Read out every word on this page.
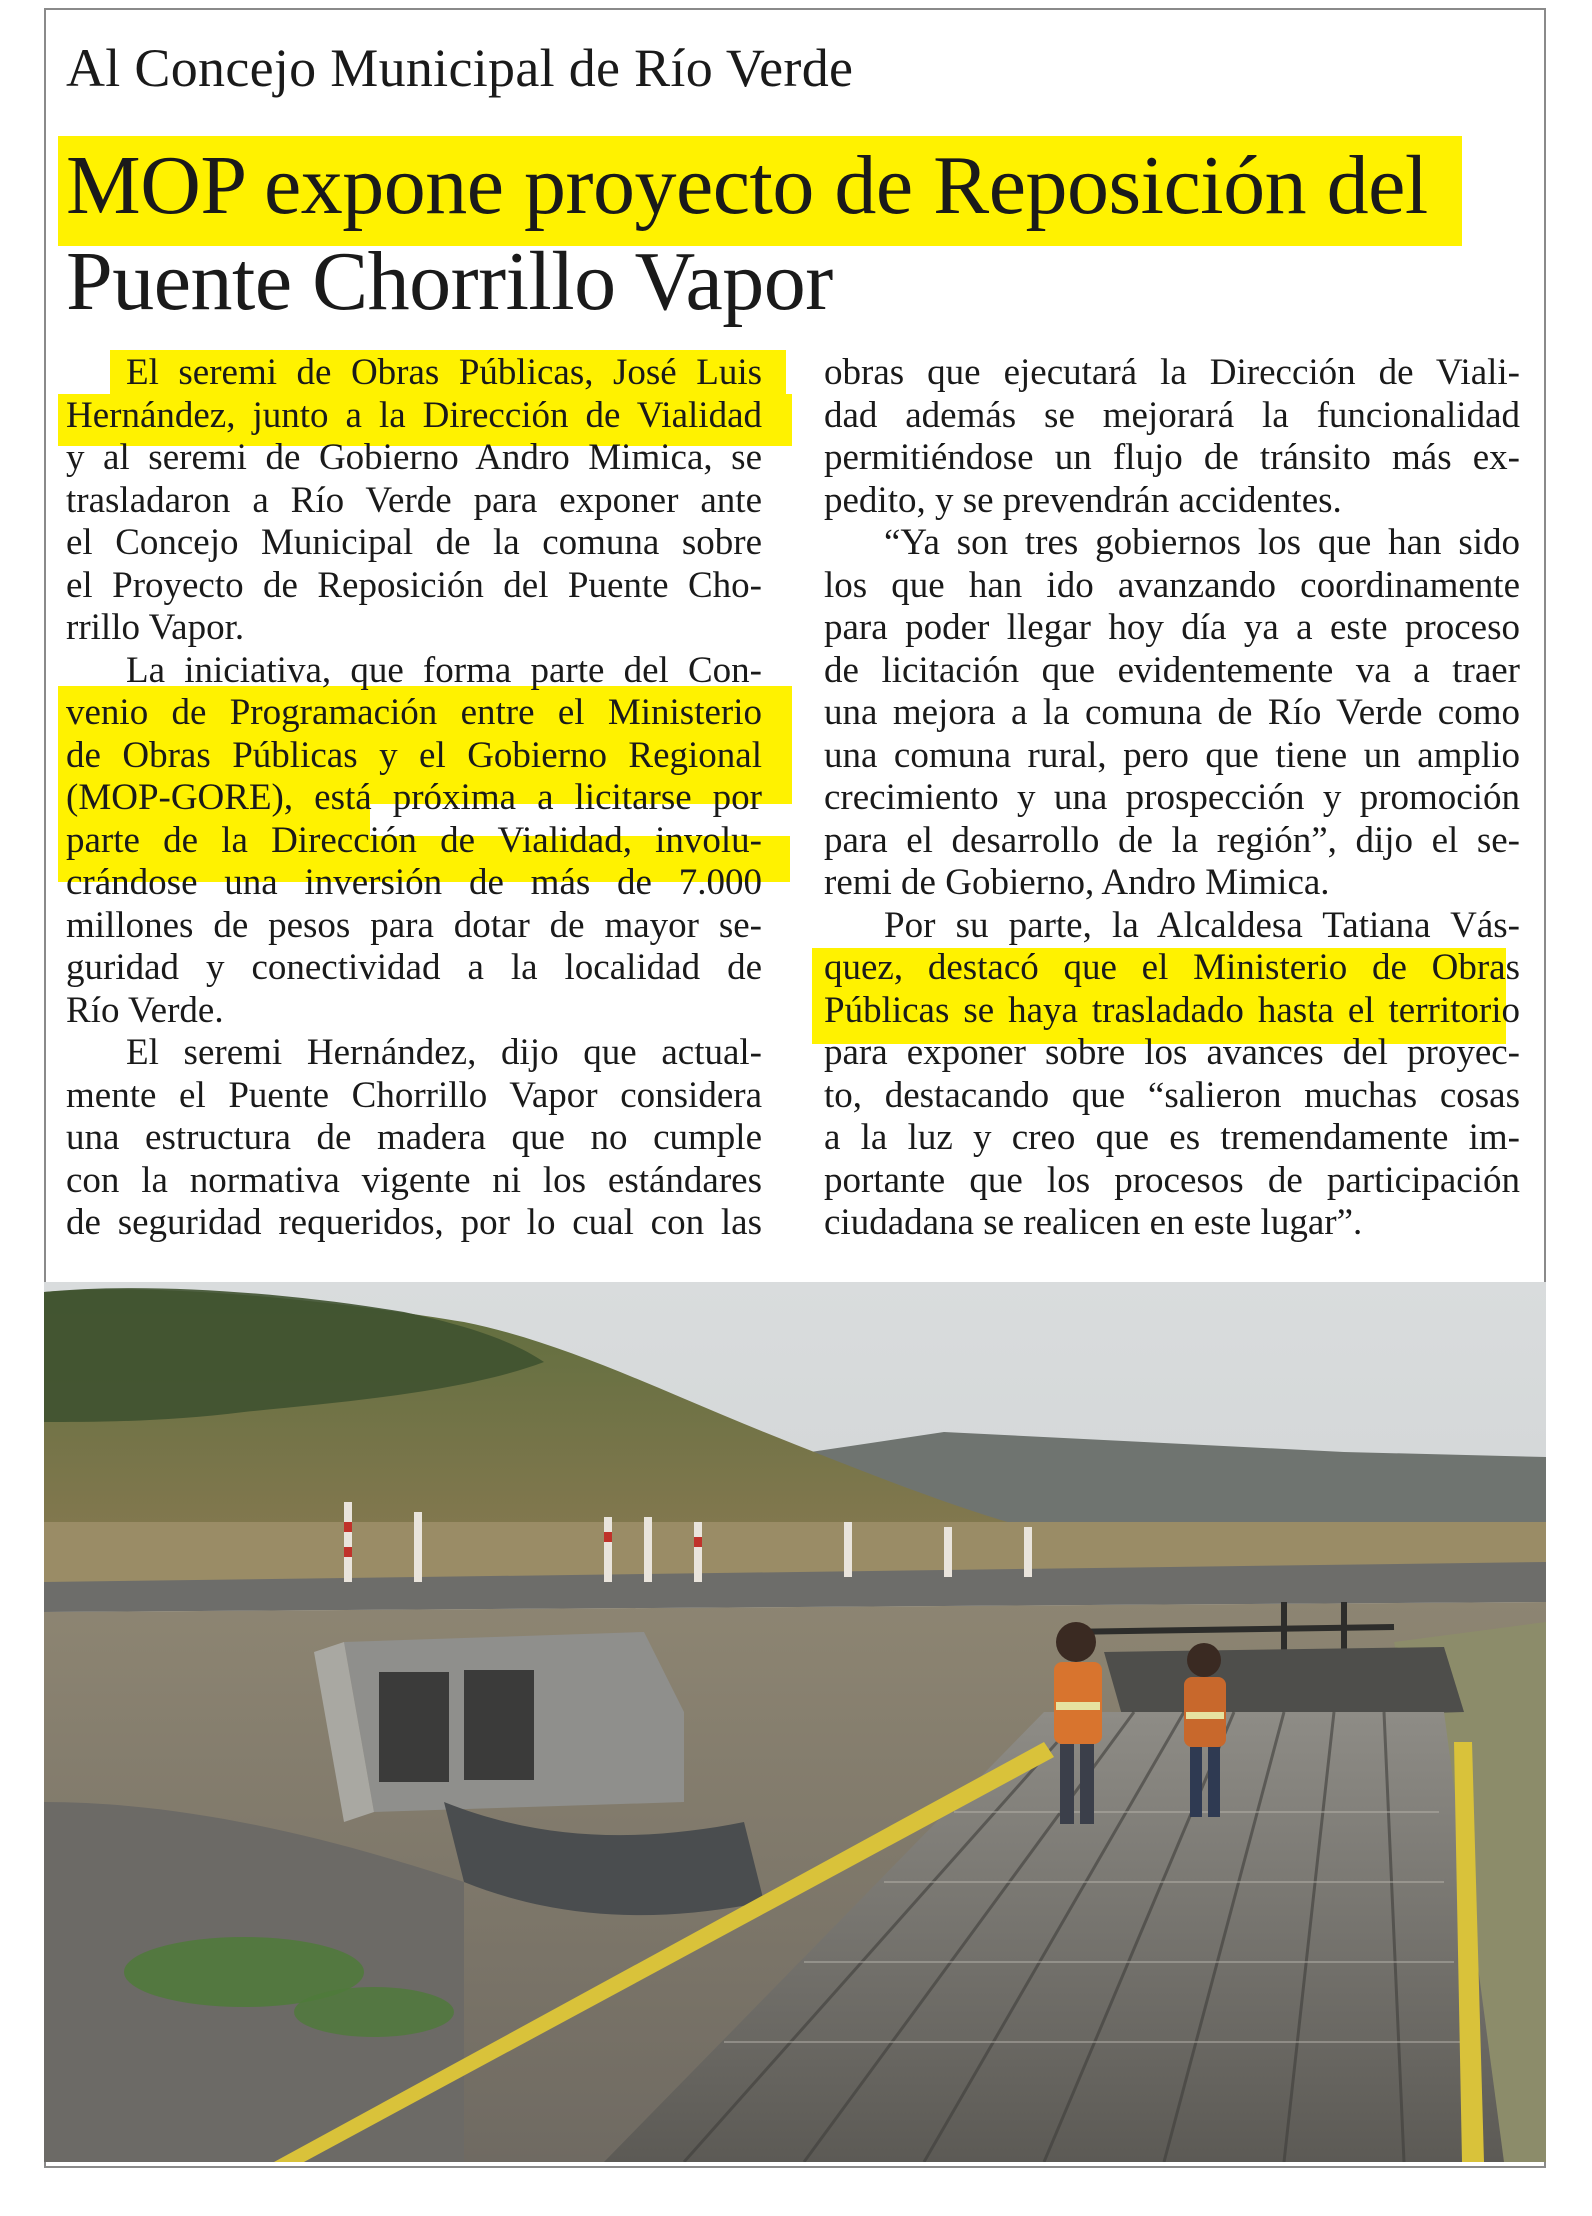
Al Concejo Municipal de Río Verde
MOP expone proyecto de Reposición del
Puente Chorrillo Vapor
El seremi de Obras Públicas, José Luis
Hernández, junto a la Dirección de Vialidad
y al seremi de Gobierno Andro Mimica, se
trasladaron a Río Verde para exponer ante
el Concejo Municipal de la comuna sobre
el Proyecto de Reposición del Puente Cho-
rrillo Vapor.
La iniciativa, que forma parte del Con-
venio de Programación entre el Ministerio
de Obras Públicas y el Gobierno Regional
(MOP-GORE), está próxima a licitarse por
parte de la Dirección de Vialidad, involu-
crándose una inversión de más de 7.000
millones de pesos para dotar de mayor se-
guridad y conectividad a la localidad de
Río Verde.
El seremi Hernández, dijo que actual-
mente el Puente Chorrillo Vapor considera
una estructura de madera que no cumple
con la normativa vigente ni los estándares
de seguridad requeridos, por lo cual con las
obras que ejecutará la Dirección de Viali-
dad además se mejorará la funcionalidad
permitiéndose un flujo de tránsito más ex-
pedito, y se prevendrán accidentes.
“Ya son tres gobiernos los que han sido
los que han ido avanzando coordinamente
para poder llegar hoy día ya a este proceso
de licitación que evidentemente va a traer
una mejora a la comuna de Río Verde como
una comuna rural, pero que tiene un amplio
crecimiento y una prospección y promoción
para el desarrollo de la región”, dijo el se-
remi de Gobierno, Andro Mimica.
Por su parte, la Alcaldesa Tatiana Vás-
quez, destacó que el Ministerio de Obras
Públicas se haya trasladado hasta el territorio
para exponer sobre los avances del proyec-
to, destacando que “salieron muchas cosas
a la luz y creo que es tremendamente im-
portante que los procesos de participación
ciudadana se realicen en este lugar”.
